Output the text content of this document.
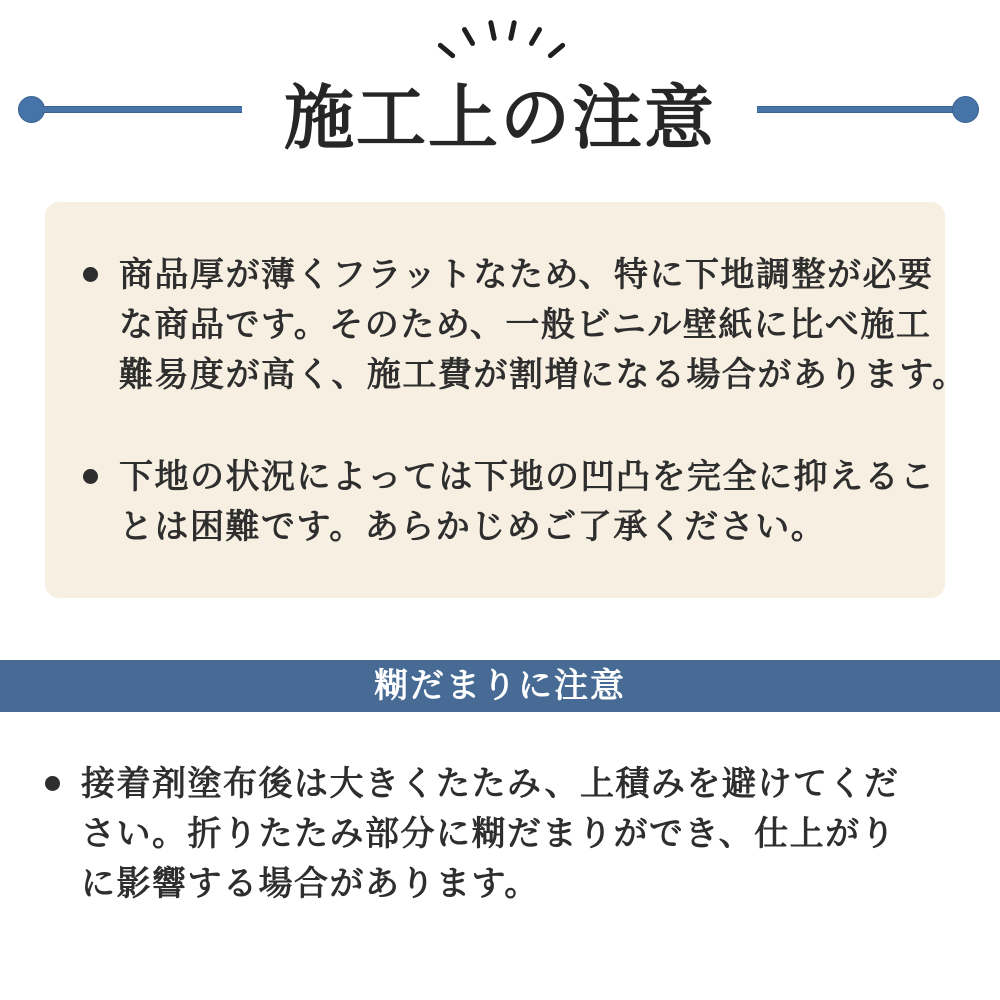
施工上の注意
商品厚が薄くフラットなため、特に下地調整が必要
な商品です。そのため、一般ビニル壁紙に比べ施工
難易度が高く、施工費が割増になる場合があります。
下地の状況によっては下地の凹凸を完全に抑えるこ
とは困難です。あらかじめご了承ください。
糊だまりに注意
接着剤塗布後は大きくたたみ、上積みを避けてくだ
さい。折りたたみ部分に糊だまりができ、仕上がり
に影響する場合があります。
